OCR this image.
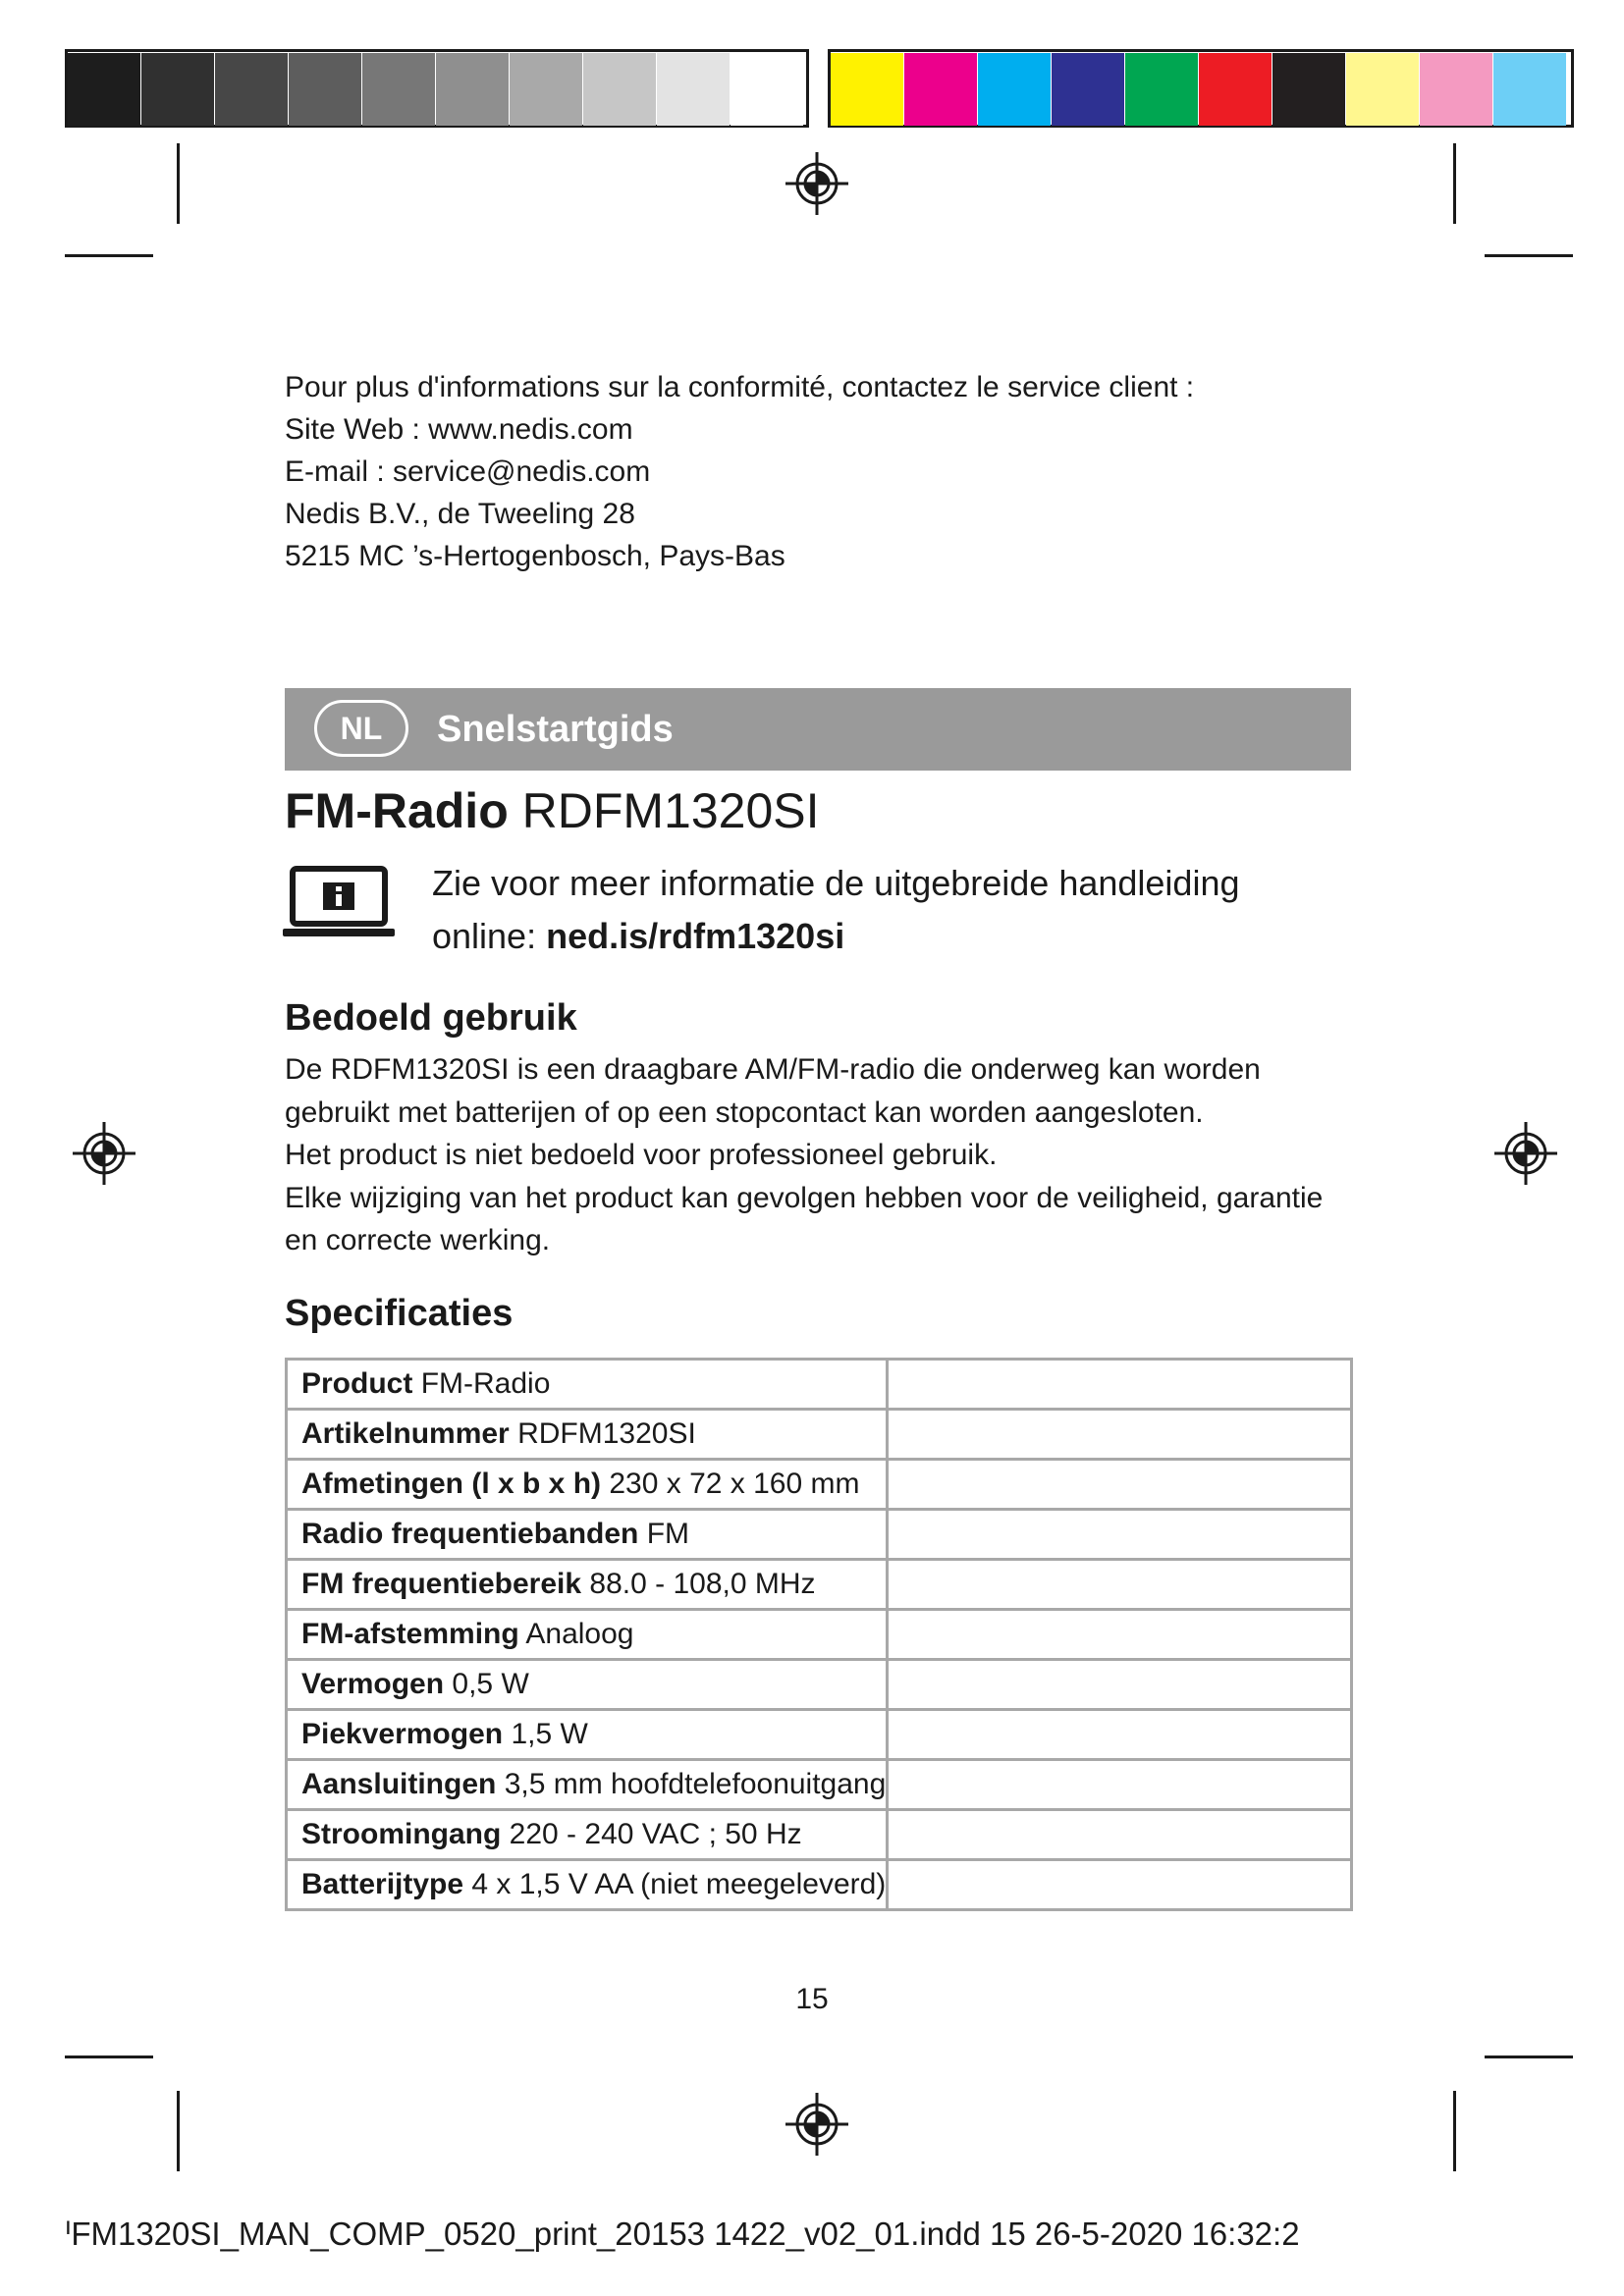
Pour plus d'informations sur la conformité, contactez le service client :
Site Web : www.nedis.com
E-mail : service@nedis.com
Nedis B.V., de Tweeling 28
5215 MC ’s-Hertogenbosch, Pays-Bas
NL	Snelstartgids
FM-Radio RDFM1320SI
Zie voor meer informatie de uitgebreide handleiding
online: ned.is/rdfm1320si
Bedoeld gebruik
De RDFM1320SI is een draagbare AM/FM-radio die onderweg kan worden
gebruikt met batterijen of op een stopcontact kan worden aangesloten.
Het product is niet bedoeld voor professioneel gebruik.
Elke wijziging van het product kan gevolgen hebben voor de veiligheid, garantie
en correcte werking.
Specificaties
Product FM-Radio	
Artikelnummer RDFM1320SI	
Afmetingen (l x b x h) 230 x 72 x 160 mm	
Radio frequentiebanden FM	
FM frequentiebereik 88.0 - 108,0 MHz	
FM-afstemming Analoog	
Vermogen 0,5 W	
Piekvermogen 1,5 W	
Aansluitingen 3,5 mm hoofdtelefoonuitgang	
Stroomingang 220 - 240 VAC ; 50 Hz	
Batterijtype 4 x 1,5 V AA (niet meegeleverd)	
15
ᑊFM1320SI_MAN_COMP_0520_print_20153 1422_v02_01.indd 15 26-5-2020 16:32:2
